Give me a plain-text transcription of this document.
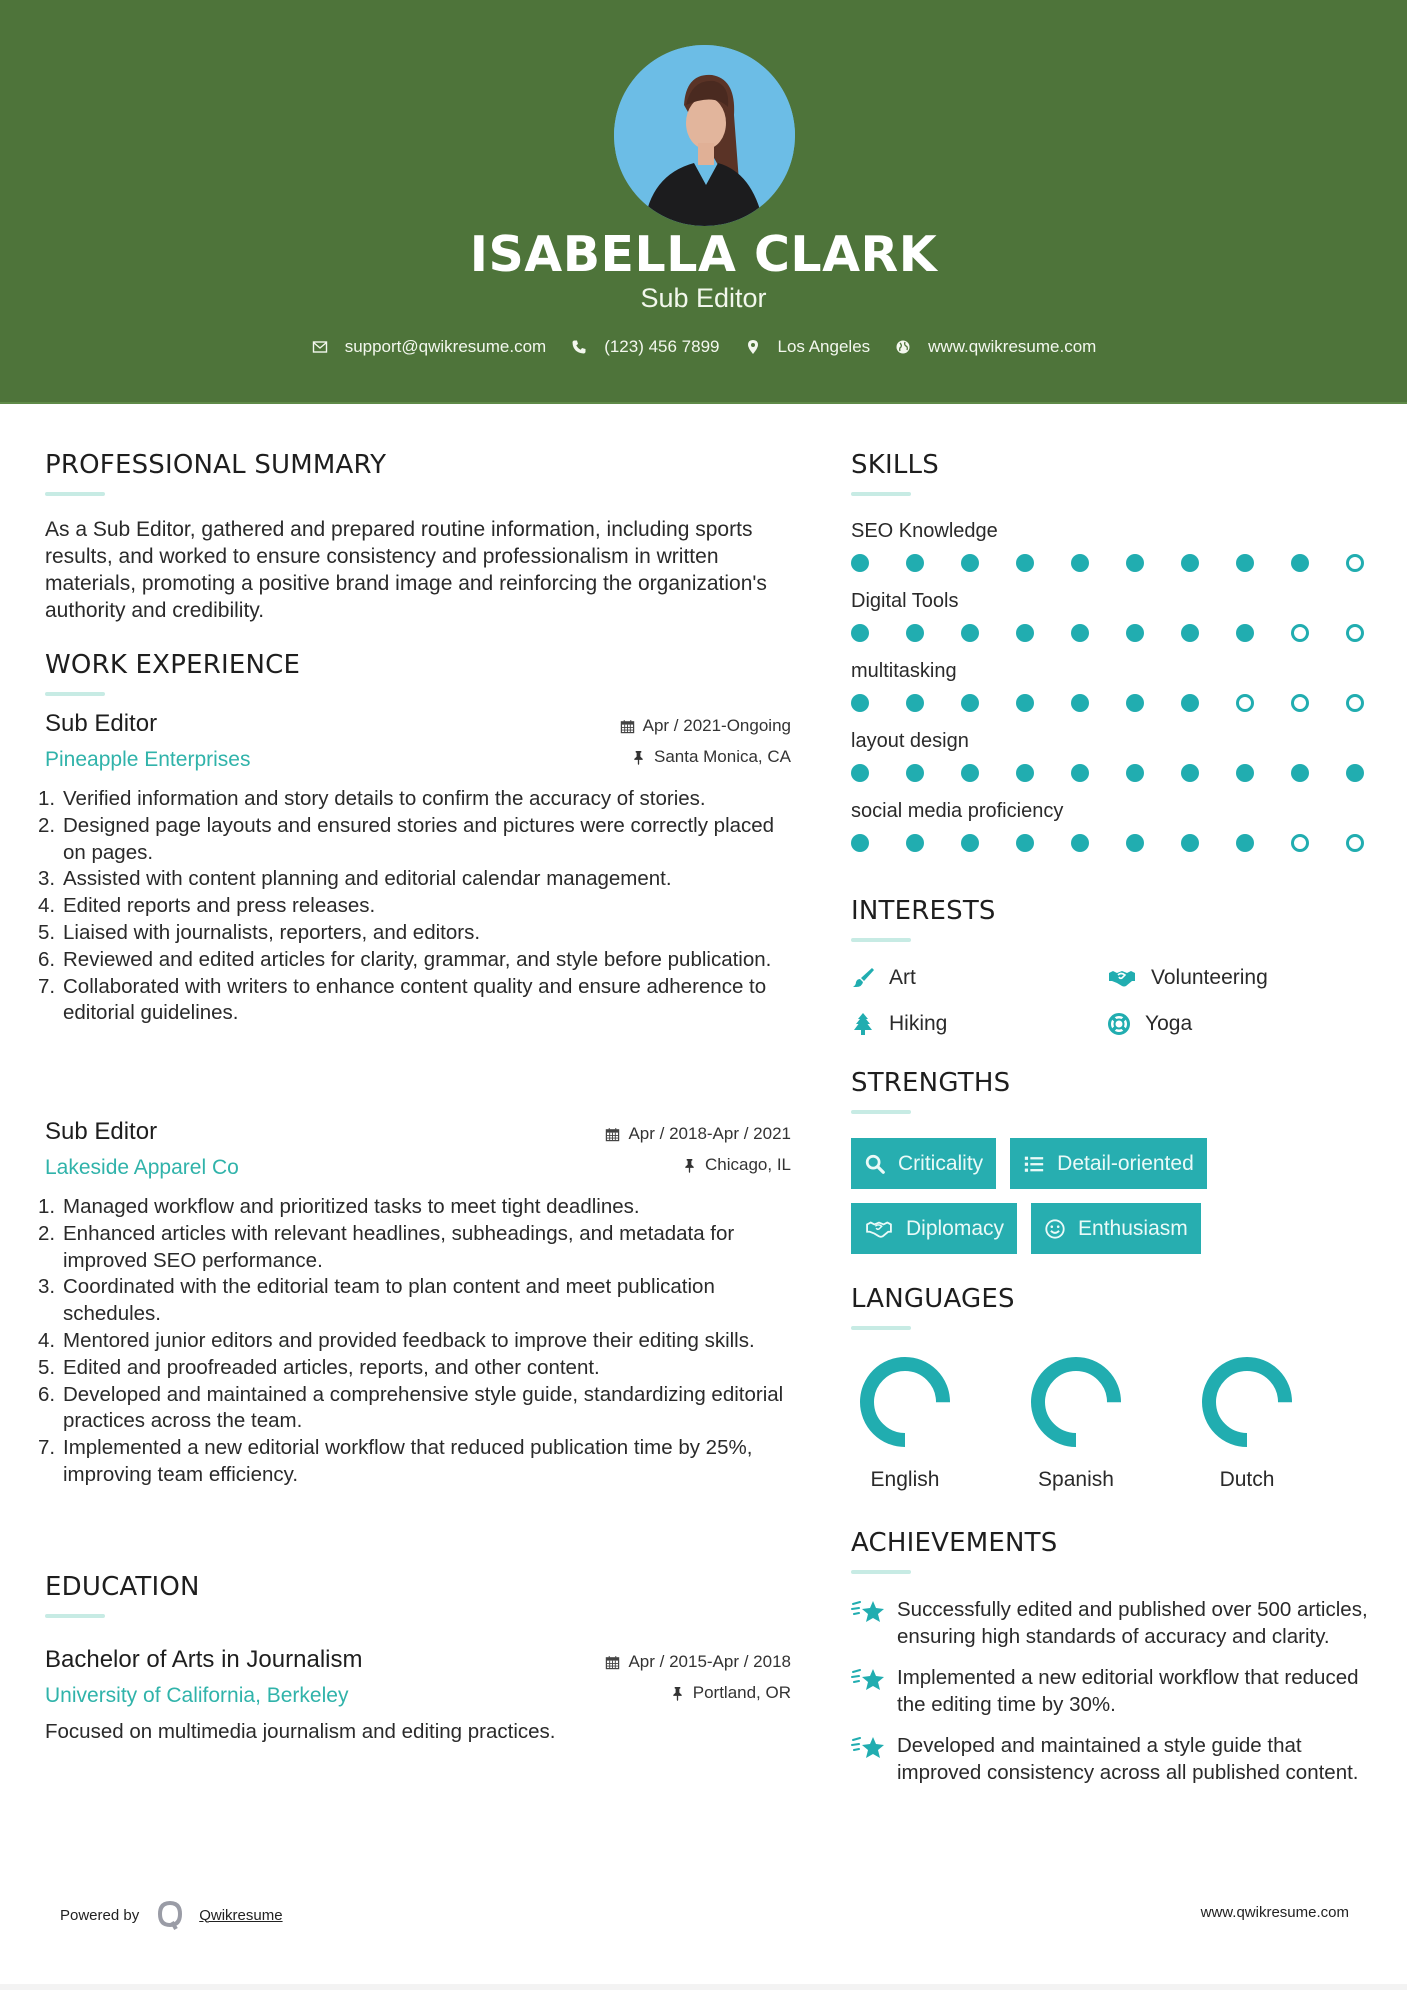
ISABELLA CLARK
Sub Editor
support@qwikresume.com	(123) 456 7899	Los Angeles	www.qwikresume.com
PROFESSIONAL SUMMARY

As a Sub Editor, gathered and prepared routine information, including sports results, and worked to ensure consistency and professionalism in written materials, promoting a positive brand image and reinforcing the organization's authority and credibility.

WORK EXPERIENCE
Sub Editor
Pineapple Enterprises
Apr / 2021-Ongoing
Santa Monica, CA
1. Verified information and story details to confirm the accuracy of stories.
2. Designed page layouts and ensured stories and pictures were correctly placed on pages.
3. Assisted with content planning and editorial calendar management.
4. Edited reports and press releases.
5. Liaised with journalists, reporters, and editors.
6. Reviewed and edited articles for clarity, grammar, and style before publication.
7. Collaborated with writers to enhance content quality and ensure adherence to editorial guidelines.
Sub Editor
Lakeside Apparel Co
Apr / 2018-Apr / 2021
Chicago, IL
1. Managed workflow and prioritized tasks to meet tight deadlines.
2. Enhanced articles with relevant headlines, subheadings, and metadata for improved SEO performance.
3. Coordinated with the editorial team to plan content and meet publication schedules.
4. Mentored junior editors and provided feedback to improve their editing skills.
5. Edited and proofreaded articles, reports, and other content.
6. Developed and maintained a comprehensive style guide, standardizing editorial practices across the team.
7. Implemented a new editorial workflow that reduced publication time by 25%, improving team efficiency.
EDUCATION
Bachelor of Arts in Journalism
University of California, Berkeley
Apr / 2015-Apr / 2018
Portland, OR
Focused on multimedia journalism and editing practices.
SKILLS
SEO Knowledge
Digital Tools
multitasking
layout design
social media proficiency
INTERESTS
Art	Volunteering
Hiking	Yoga
STRENGTHS
Criticality	Detail-oriented
Diplomacy	Enthusiasm
LANGUAGES
English	Spanish	Dutch
ACHIEVEMENTS
Successfully edited and published over 500 articles, ensuring high standards of accuracy and clarity.
Implemented a new editorial workflow that reduced the editing time by 30%.
Developed and maintained a style guide that improved consistency across all published content.
Powered by	Qwikresume	www.qwikresume.com
